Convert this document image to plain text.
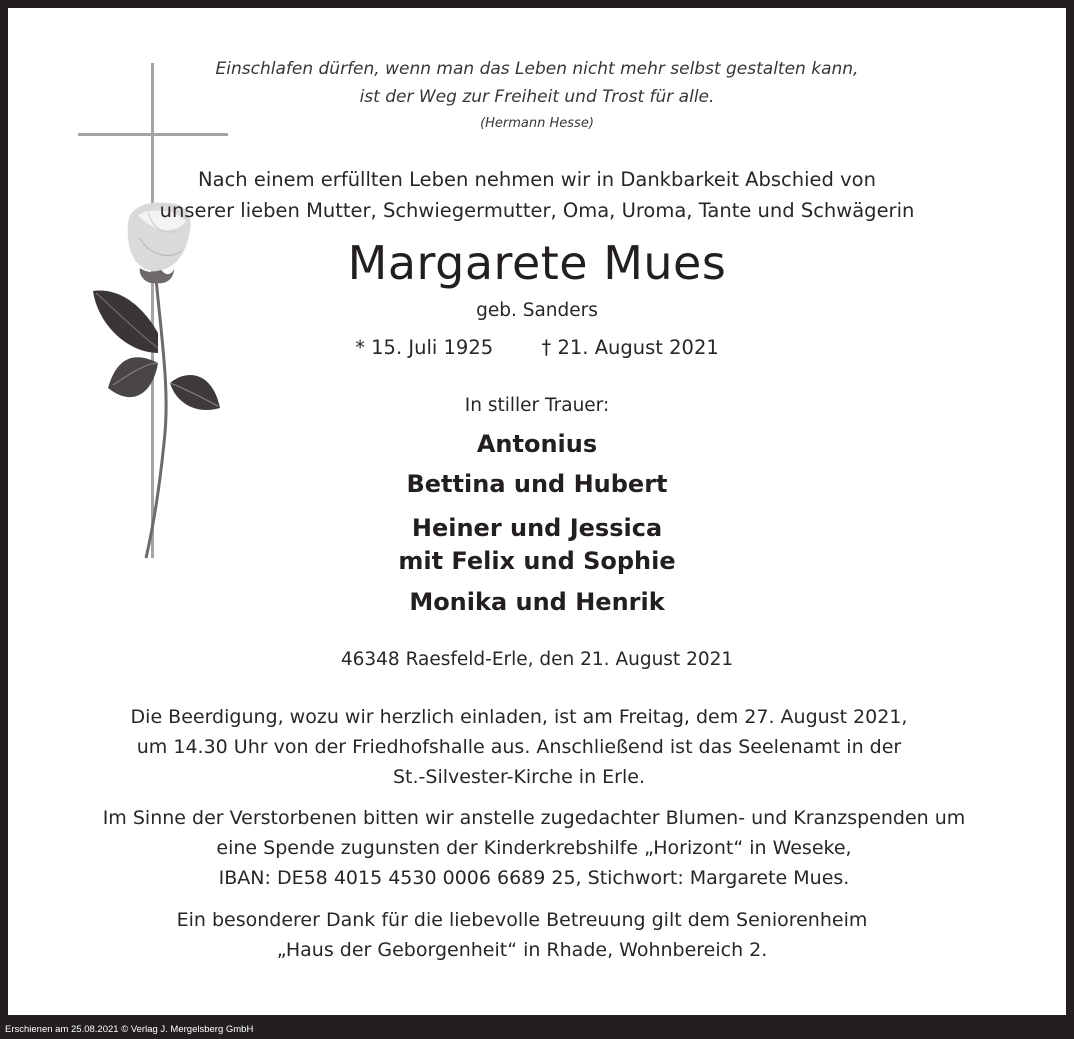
Einschlafen dürfen, wenn man das Leben nicht mehr selbst gestalten kann,
ist der Weg zur Freiheit und Trost für alle.
(Hermann Hesse)
Nach einem erfüllten Leben nehmen wir in Dankbarkeit Abschied von
unserer lieben Mutter, Schwiegermutter, Oma, Uroma, Tante und Schwägerin
Margarete Mues
geb. Sanders
* 15. Juli 1925 † 21. August 2021
In stiller Trauer:
Antonius
Bettina und Hubert
Heiner und Jessica
mit Felix und Sophie
Monika und Henrik
46348 Raesfeld-Erle, den 21. August 2021
Die Beerdigung, wozu wir herzlich einladen, ist am Freitag, dem 27. August 2021,
um 14.30 Uhr von der Friedhofshalle aus. Anschließend ist das Seelenamt in der
St.-Silvester-Kirche in Erle.
Im Sinne der Verstorbenen bitten wir anstelle zugedachter Blumen- und Kranzspenden um
eine Spende zugunsten der Kinderkrebshilfe „Horizont“ in Weseke,
IBAN: DE58 4015 4530 0006 6689 25, Stichwort: Margarete Mues.
Ein besonderer Dank für die liebevolle Betreuung gilt dem Seniorenheim
„Haus der Geborgenheit“ in Rhade, Wohnbereich 2.
Erschienen am 25.08.2021 © Verlag J. Mergelsberg GmbH
